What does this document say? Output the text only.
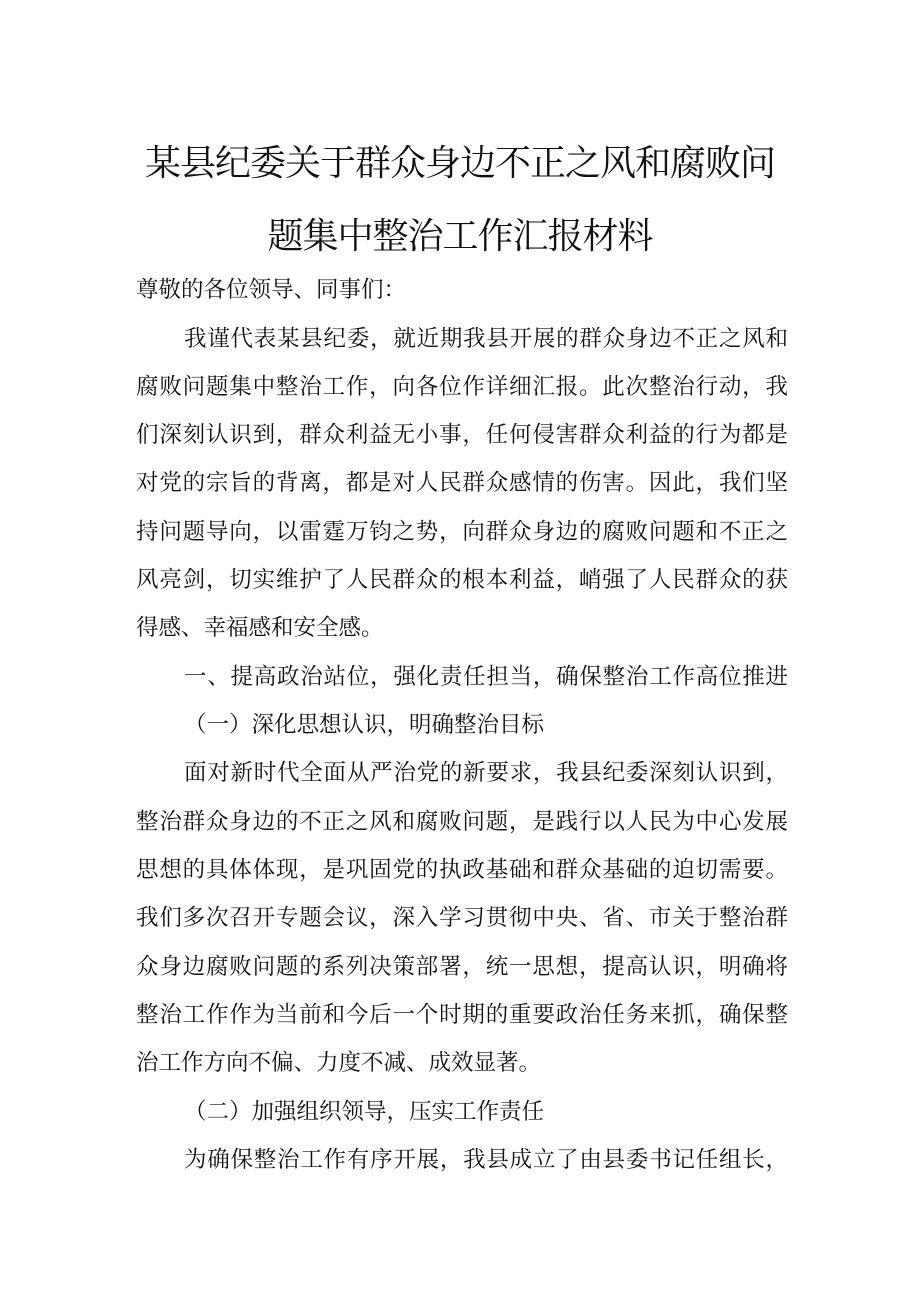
某县纪委关于群众身边不正之风和腐败问
题集中整治工作汇报材料
尊敬的各位领导、同事们：
我谨代表某县纪委，就近期我县开展的群众身边不正之风和
腐败问题集中整治工作，向各位作详细汇报。此次整治行动，我
们深刻认识到，群众利益无小事，任何侵害群众利益的行为都是
对党的宗旨的背离，都是对人民群众感情的伤害。因此，我们坚
持问题导向，以雷霆万钧之势，向群众身边的腐败问题和不正之
风亮剑，切实维护了人民群众的根本利益，峭强了人民群众的获
得感、幸福感和安全感。
一、提高政治站位，强化责任担当，确保整治工作高位推进
（一）深化思想认识，明确整治目标
面对新时代全面从严治党的新要求，我县纪委深刻认识到，
整治群众身边的不正之风和腐败问题，是践行以人民为中心发展
思想的具体体现，是巩固党的执政基础和群众基础的迫切需要。
我们多次召开专题会议，深入学习贯彻中央、省、市关于整治群
众身边腐败问题的系列决策部署，统一思想，提高认识，明确将
整治工作作为当前和今后一个时期的重要政治任务来抓，确保整
治工作方向不偏、力度不减、成效显著。
（二）加强组织领导，压实工作责任
为确保整治工作有序开展，我县成立了由县委书记任组长，
